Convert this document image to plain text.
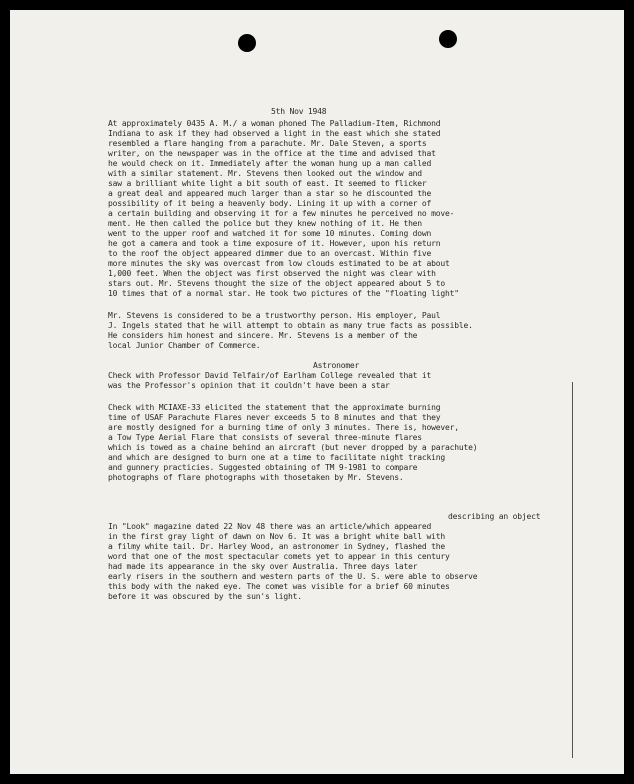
5th Nov 1948
At approximately 0435 A. M./ a woman phoned The Palladium-Item, Richmond
Indiana to ask if they had observed a light in the east which she stated
resembled a flare hanging from a parachute. Mr. Dale Steven, a sports
writer, on the newspaper was in the office at the time and advised that
he would check on it. Immediately after the woman hung up a man called
with a similar statement. Mr. Stevens then looked out the window and
saw a brilliant white light a bit south of east. It seemed to flicker
a great deal and appeared much larger than a star so he discounted the
possibility of it being a heavenly body. Lining it up with a corner of
a certain building and observing it for a few minutes he perceived no move-
ment. He then called the police but they knew nothing of it. He then
went to the upper roof and watched it for some 10 minutes. Coming down
he got a camera and took a time exposure of it. However, upon his return
to the roof the object appeared dimmer due to an overcast. Within five
more minutes the sky was overcast from low clouds estimated to be at about
1,000 feet. When the object was first observed the night was clear with
stars out. Mr. Stevens thought the size of the object appeared about 5 to
10 times that of a normal star. He took two pictures of the "floating light"
Mr. Stevens is considered to be a trustworthy person. His employer, Paul
J. Ingels stated that he will attempt to obtain as many true facts as possible.
He considers him honest and sincere. Mr. Stevens is a member of the
local Junior Chamber of Commerce.
Astronomer
Check with Professor David Telfair/of Earlham College revealed that it
was the Professor's opinion that it couldn't have been a star
Check with MCIAXE-33 elicited the statement that the approximate burning
time of USAF Parachute Flares never exceeds 5 to 8 minutes and that they
are mostly designed for a burning time of only 3 minutes. There is, however,
a Tow Type Aerial Flare that consists of several three-minute flares
which is towed as a chaine behind an aircraft (but never dropped by a parachute)
and which are designed to burn one at a time to facilitate night tracking
and gunnery practicies. Suggested obtaining of TM 9-1981 to compare
photographs of flare photographs with thosetaken by Mr. Stevens.
describing an object
In "Look" magazine dated 22 Nov 48 there was an article/which appeared
in the first gray light of dawn on Nov 6. It was a bright white ball with
a filmy white tail. Dr. Harley Wood, an astronomer in Sydney, flashed the
word that one of the most spectacular comets yet to appear in this century
had made its appearance in the sky over Australia. Three days later
early risers in the southern and western parts of the U. S. were able to observe
this body with the naked eye. The comet was visible for a brief 60 minutes
before it was obscured by the sun's light.
